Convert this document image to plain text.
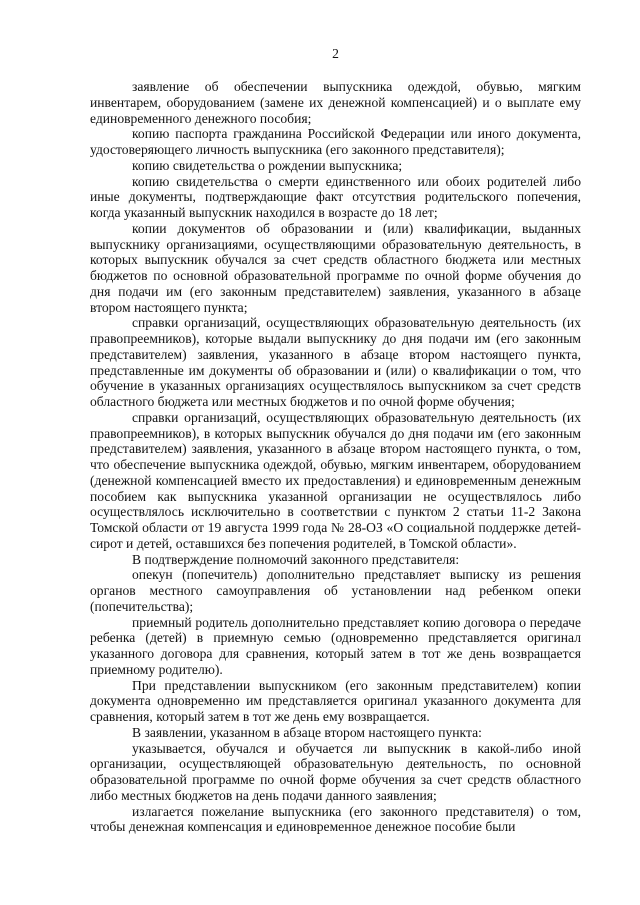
2

заявление об обеспечении выпускника одеждой, обувью, мягким инвентарем, оборудованием (замене их денежной компенсацией) и о выплате ему единовременного денежного пособия;

копию паспорта гражданина Российской Федерации или иного документа, удостоверяющего личность выпускника (его законного представителя);

копию свидетельства о рождении выпускника;

копию свидетельства о смерти единственного или обоих родителей либо иные документы, подтверждающие факт отсутствия родительского попечения, когда указанный выпускник находился в возрасте до 18 лет;

копии документов об образовании и (или) квалификации, выданных выпускнику организациями, осуществляющими образовательную деятельность, в которых выпускник обучался за счет средств областного бюджета или местных бюджетов по основной образовательной программе по очной форме обучения до дня подачи им (его законным представителем) заявления, указанного в абзаце втором настоящего пункта;

справки организаций, осуществляющих образовательную деятельность (их правопреемников), которые выдали выпускнику до дня подачи им (его законным представителем) заявления, указанного в абзаце втором настоящего пункта, представленные им документы об образовании и (или) о квалификации о том, что обучение в указанных организациях осуществлялось выпускником за счет средств областного бюджета или местных бюджетов и по очной форме обучения;

справки организаций, осуществляющих образовательную деятельность (их правопреемников), в которых выпускник обучался до дня подачи им (его законным представителем) заявления, указанного в абзаце втором настоящего пункта, о том, что обеспечение выпускника одеждой, обувью, мягким инвентарем, оборудованием (денежной компенсацией вместо их предоставления) и единовременным денежным пособием как выпускника указанной организации не осуществлялось либо осуществлялось исключительно в соответствии с пунктом 2 статьи 11-2 Закона Томской области от 19 августа 1999 года № 28-ОЗ «О социальной поддержке детей-сирот и детей, оставшихся без попечения родителей, в Томской области».

В подтверждение полномочий законного представителя:

опекун (попечитель) дополнительно представляет выписку из решения органов местного самоуправления об установлении над ребенком опеки (попечительства);

приемный родитель дополнительно представляет копию договора о передаче ребенка (детей) в приемную семью (одновременно представляется оригинал указанного договора для сравнения, который затем в тот же день возвращается приемному родителю).

При представлении выпускником (его законным представителем) копии документа одновременно им представляется оригинал указанного документа для сравнения, который затем в тот же день ему возвращается.

В заявлении, указанном в абзаце втором настоящего пункта:

указывается, обучался и обучается ли выпускник в какой-либо иной организации, осуществляющей образовательную деятельность, по основной образовательной программе по очной форме обучения за счет средств областного либо местных бюджетов на день подачи данного заявления;

излагается пожелание выпускника (его законного представителя) о том, чтобы денежная компенсация и единовременное денежное пособие были
